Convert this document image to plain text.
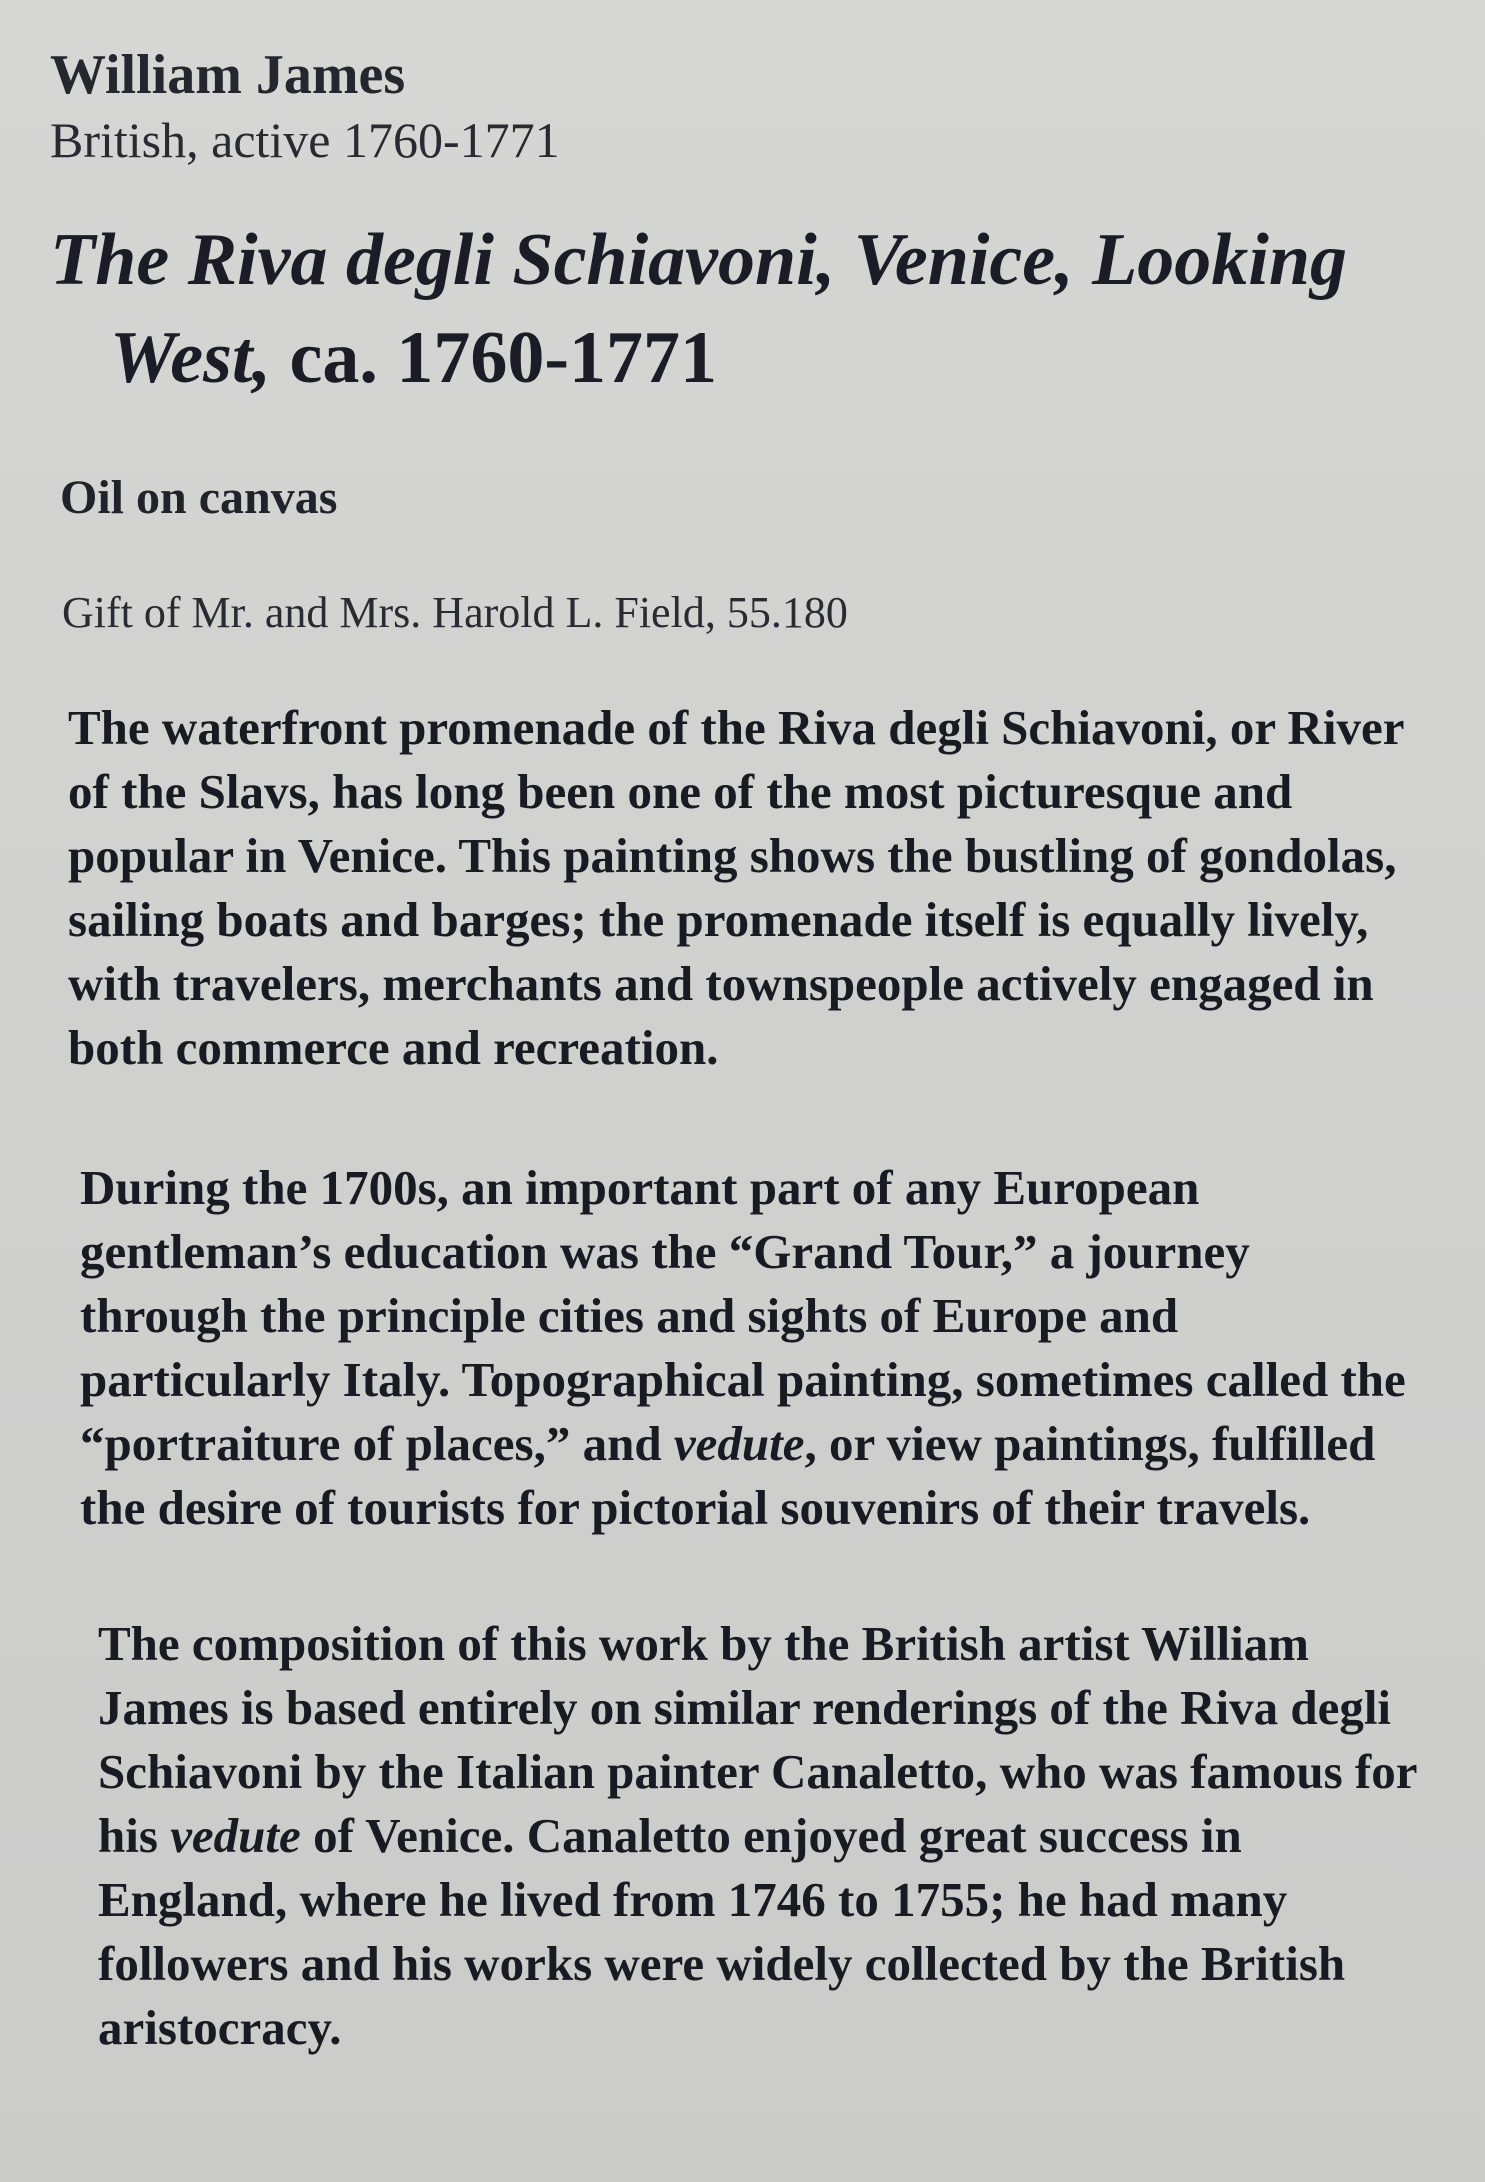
William James
British, active 1760-1771
The Riva degli Schiavoni, Venice, Looking
West, ca. 1760-1771
Oil on canvas
Gift of Mr. and Mrs. Harold L. Field, 55.180

The waterfront promenade of the Riva degli Schiavoni, or River of the Slavs, has long been one of the most picturesque and popular in Venice. This painting shows the bustling of gondolas, sailing boats and barges; the promenade itself is equally lively, with travelers, merchants and townspeople actively engaged in both commerce and recreation.

During the 1700s, an important part of any European gentleman’s education was the “Grand Tour,” a journey through the principle cities and sights of Europe and particularly Italy. Topographical painting, sometimes called the “portraiture of places,” and vedute, or view paintings, fulfilled the desire of tourists for pictorial souvenirs of their travels.

The composition of this work by the British artist William James is based entirely on similar renderings of the Riva degli Schiavoni by the Italian painter Canaletto, who was famous for his vedute of Venice. Canaletto enjoyed great success in England, where he lived from 1746 to 1755; he had many followers and his works were widely collected by the British aristocracy.
